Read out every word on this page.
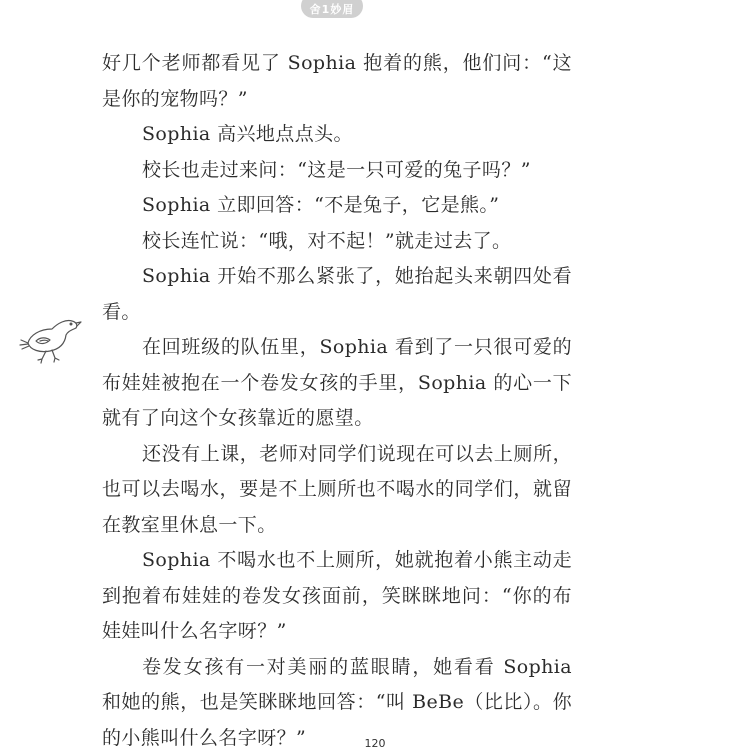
舍1妙眉

好几个老师都看见了 Sophia 抱着的熊，他们问：“这是你的宠物吗？”

Sophia 高兴地点点头。

校长也走过来问：“这是一只可爱的兔子吗？”

Sophia 立即回答：“不是兔子，它是熊。”

校长连忙说：“哦，对不起！”就走过去了。

Sophia 开始不那么紧张了，她抬起头来朝四处看看。

在回班级的队伍里，Sophia 看到了一只很可爱的布娃娃被抱在一个卷发女孩的手里，Sophia 的心一下就有了向这个女孩靠近的愿望。

还没有上课，老师对同学们说现在可以去上厕所，也可以去喝水，要是不上厕所也不喝水的同学们，就留在教室里休息一下。

Sophia 不喝水也不上厕所，她就抱着小熊主动走到抱着布娃娃的卷发女孩面前，笑眯眯地问：“你的布娃娃叫什么名字呀？”

卷发女孩有一对美丽的蓝眼睛，她看看 Sophia 和她的熊，也是笑眯眯地回答：“叫 BeBe（比比）。你的小熊叫什么名字呀？”	120
